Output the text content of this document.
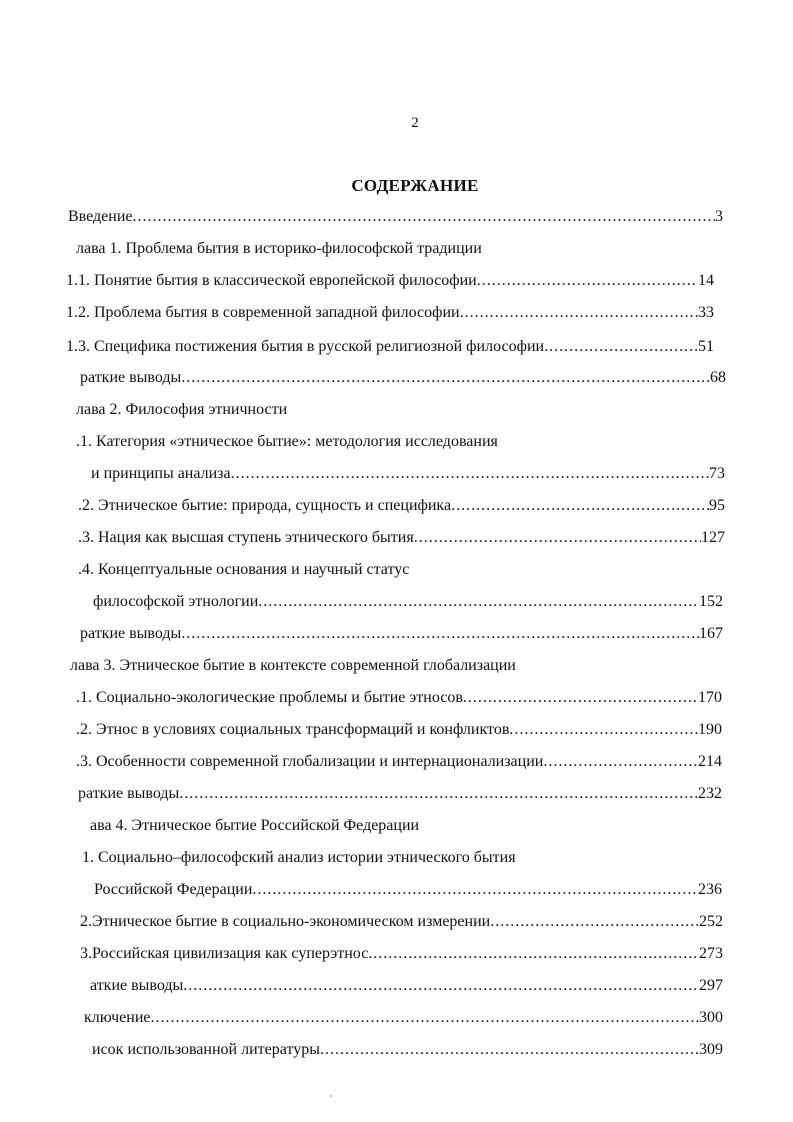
2
СОДЕРЖАНИЕ
Введение .....	3
лава 1. Проблема бытия в историко-философской традиции
1.1. Понятие бытия в классической европейской философии .....	14
1.2. Проблема бытия в современной западной философии .....	33
1.3. Специфика постижения бытия в русской религиозной философии .....	51
раткие выводы .....	68
лава 2. Философия этничности
.1. Категория «этническое бытие»: методология исследования
и принципы анализа .....	73
.2. Этническое бытие: природа, сущность и специфика .....	95
.3. Нация как высшая ступень этнического бытия .....	127
.4. Концептуальные основания и научный статус
философской этнологии .....	152
раткие выводы .....	167
лава 3. Этническое бытие в контексте современной глобализации
.1. Социально-экологические проблемы и бытие этносов .....	170
.2. Этнос в условиях социальных трансформаций и конфликтов .....	190
.3. Особенности современной глобализации и интернационализации .....	214
раткие выводы .....	232
ава 4. Этническое бытие Российской Федерации
1. Социально–философский анализ истории этнического бытия
Российской Федерации .....	236
2.Этническое бытие в социально-экономическом измерении .....	252
3.Российская цивилизация как суперэтнос .....	273
аткие выводы .....	297
ключение .....	300
исок использованной литературы .....	309
